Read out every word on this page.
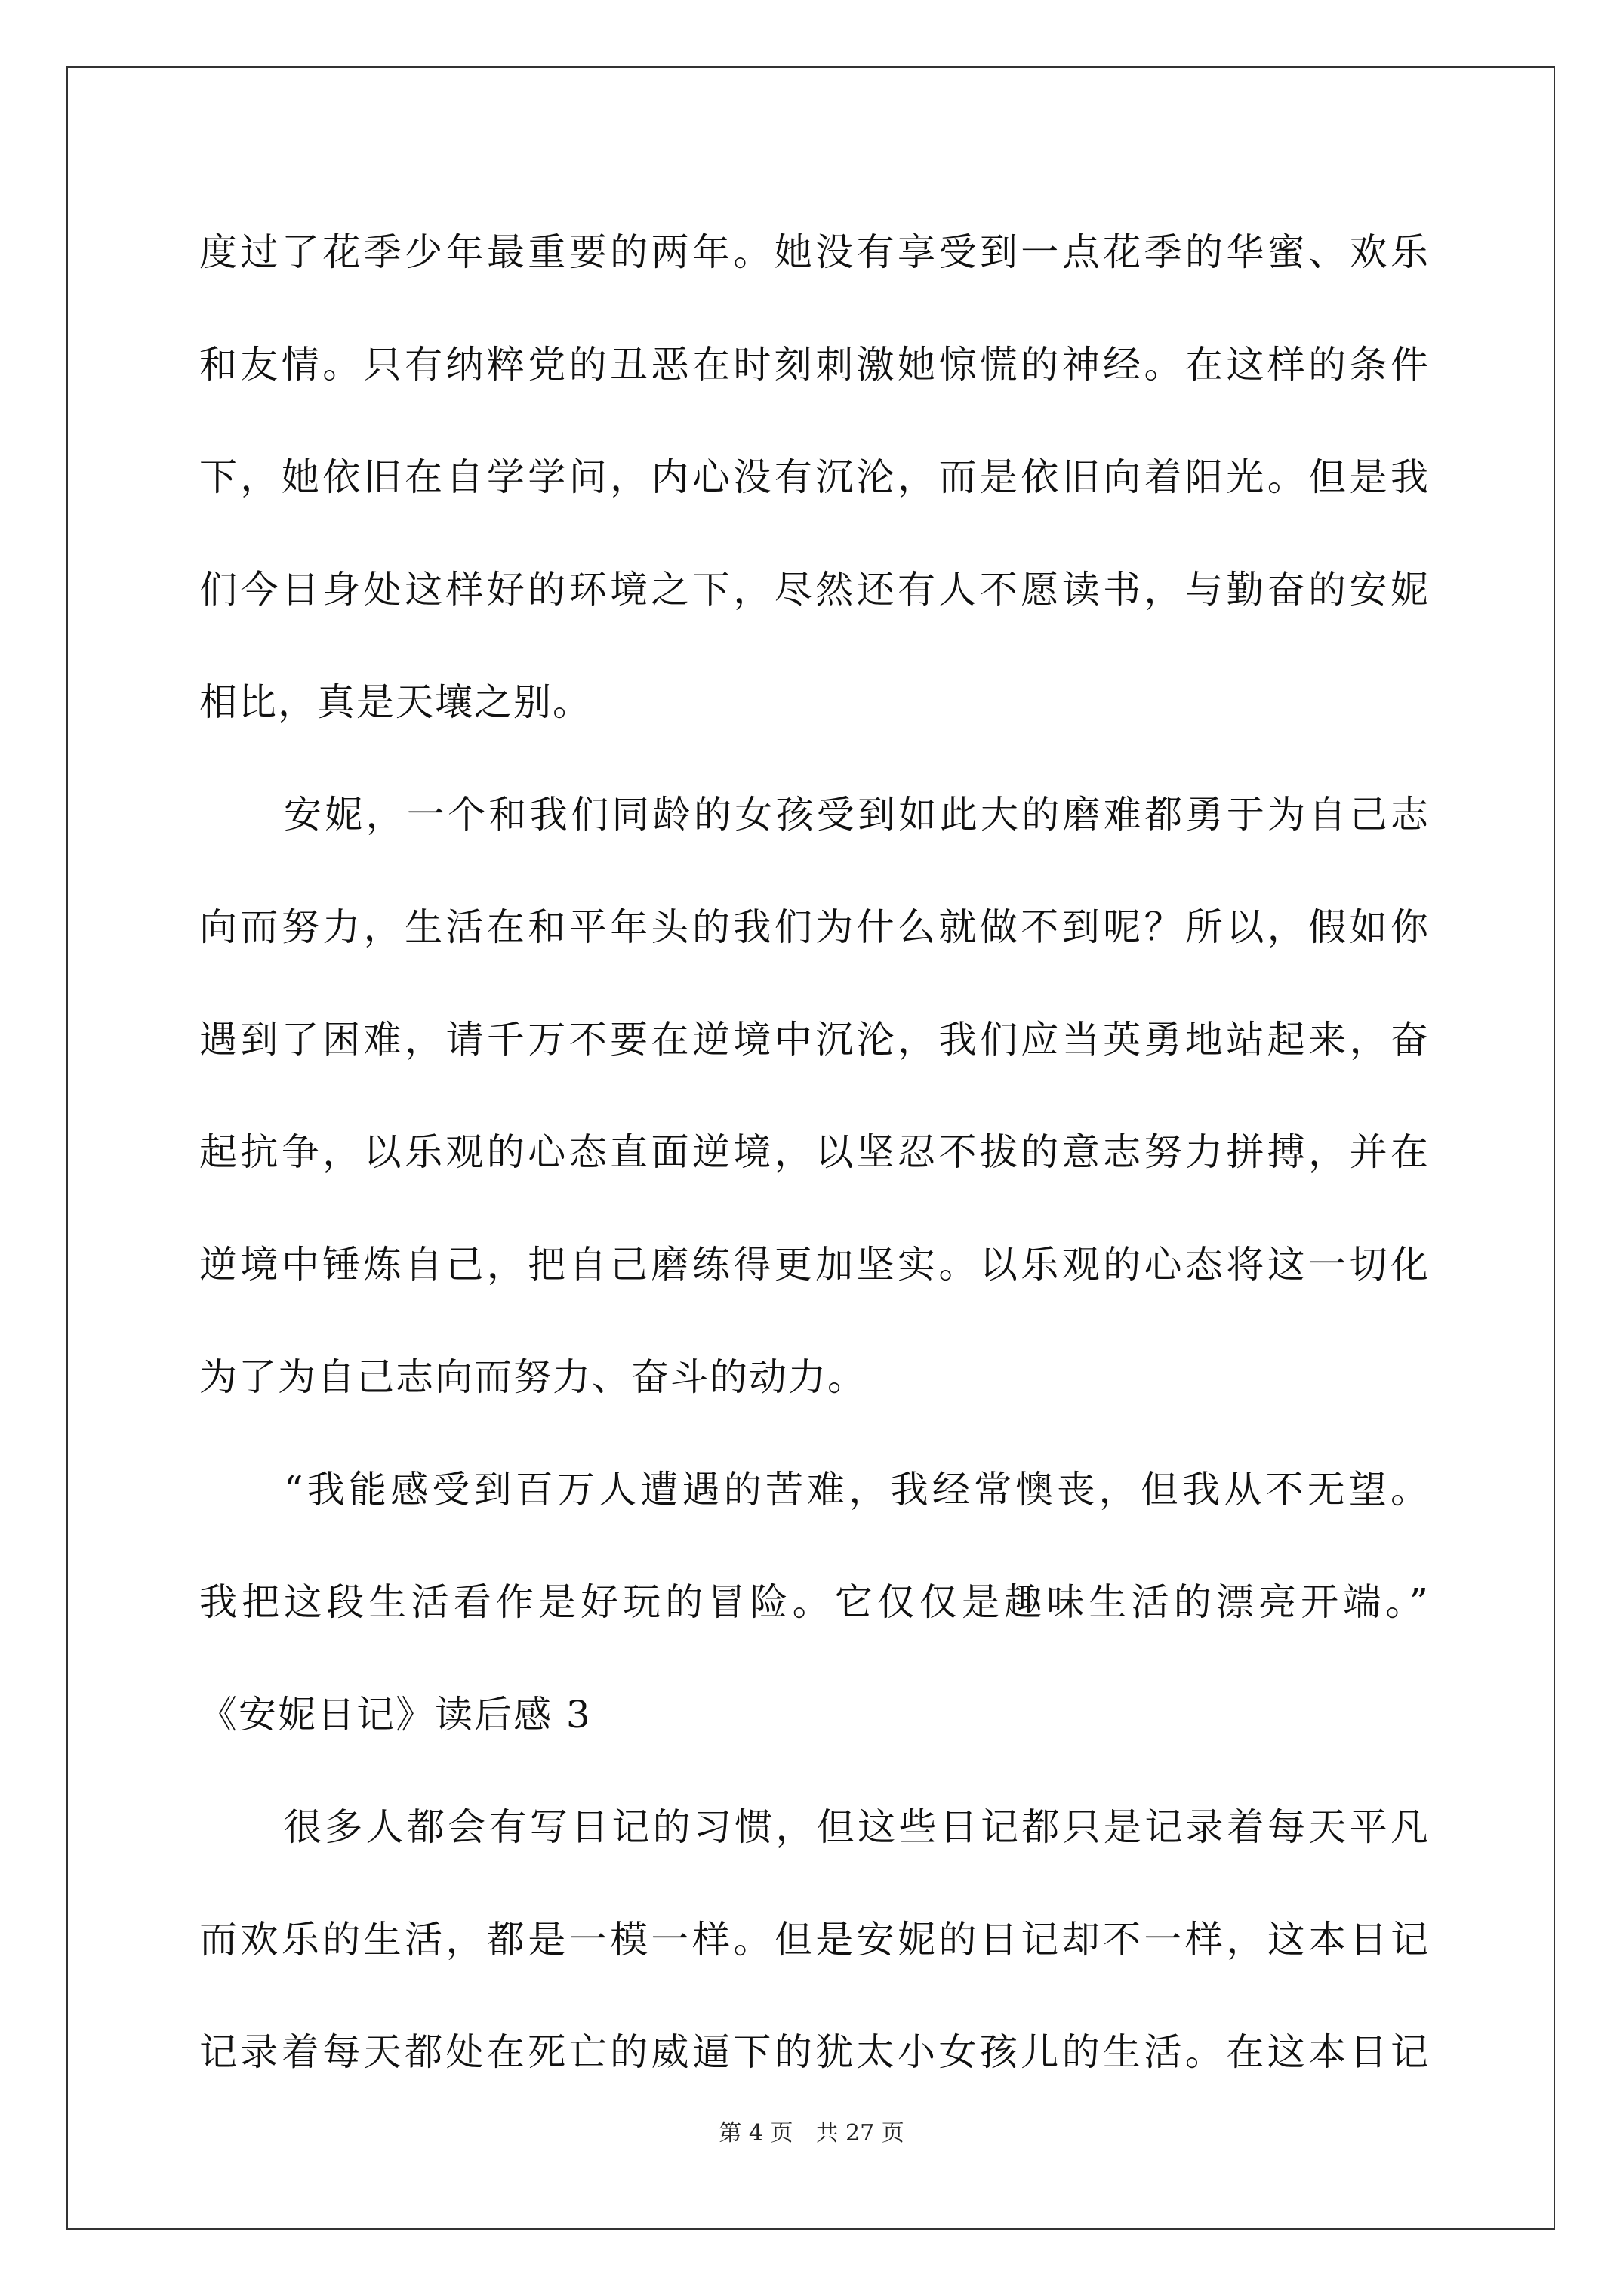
度过了花季少年最重要的两年。她没有享受到一点花季的华蜜、欢乐
和友情。只有纳粹党的丑恶在时刻刺激她惊慌的神经。在这样的条件
下，她依旧在自学学问，内心没有沉沦，而是依旧向着阳光。但是我
们今日身处这样好的环境之下，尽然还有人不愿读书，与勤奋的安妮
相比，真是天壤之别。
安妮，一个和我们同龄的女孩受到如此大的磨难都勇于为自己志
向而努力，生活在和平年头的我们为什么就做不到呢？所以，假如你
遇到了困难，请千万不要在逆境中沉沦，我们应当英勇地站起来，奋
起抗争，以乐观的心态直面逆境，以坚忍不拔的意志努力拼搏，并在
逆境中锤炼自己，把自己磨练得更加坚实。以乐观的心态将这一切化
为了为自己志向而努力、奋斗的动力。
“我能感受到百万人遭遇的苦难，我经常懊丧，但我从不无望。
我把这段生活看作是好玩的冒险。它仅仅是趣味生活的漂亮开端。”
《安妮日记》读后感 3
很多人都会有写日记的习惯，但这些日记都只是记录着每天平凡
而欢乐的生活，都是一模一样。但是安妮的日记却不一样，这本日记
记录着每天都处在死亡的威逼下的犹太小女孩儿的生活。在这本日记
第 4 页　共 27 页
